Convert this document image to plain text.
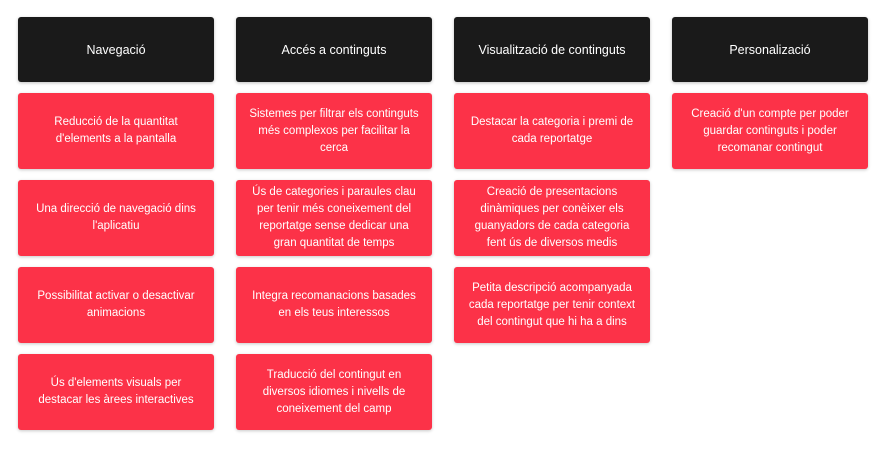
Navegació
Reducció de la quantitat d'elements a la pantalla
Una direcció de navegació dins l'aplicatiu
Possibilitat activar o desactivar animacions
Ús d'elements visuals per destacar les àrees interactives
Accés a continguts
Sistemes per filtrar els continguts més complexos per facilitar la cerca
Ús de categories i paraules clau per tenir més coneixement del reportatge sense dedicar una gran quantitat de temps
Integra recomanacions basades en els teus interessos
Traducció del contingut en diversos idiomes i nivells de coneixement del camp
Visualització de continguts
Destacar la categoria i premi de cada reportatge
Creació de presentacions dinàmiques per conèixer els guanyadors de cada categoria fent ús de diversos medis
Petita descripció acompanyada cada reportatge per tenir context del contingut que hi ha a dins
Personalizació
Creació d'un compte per poder guardar continguts i poder recomanar contingut
